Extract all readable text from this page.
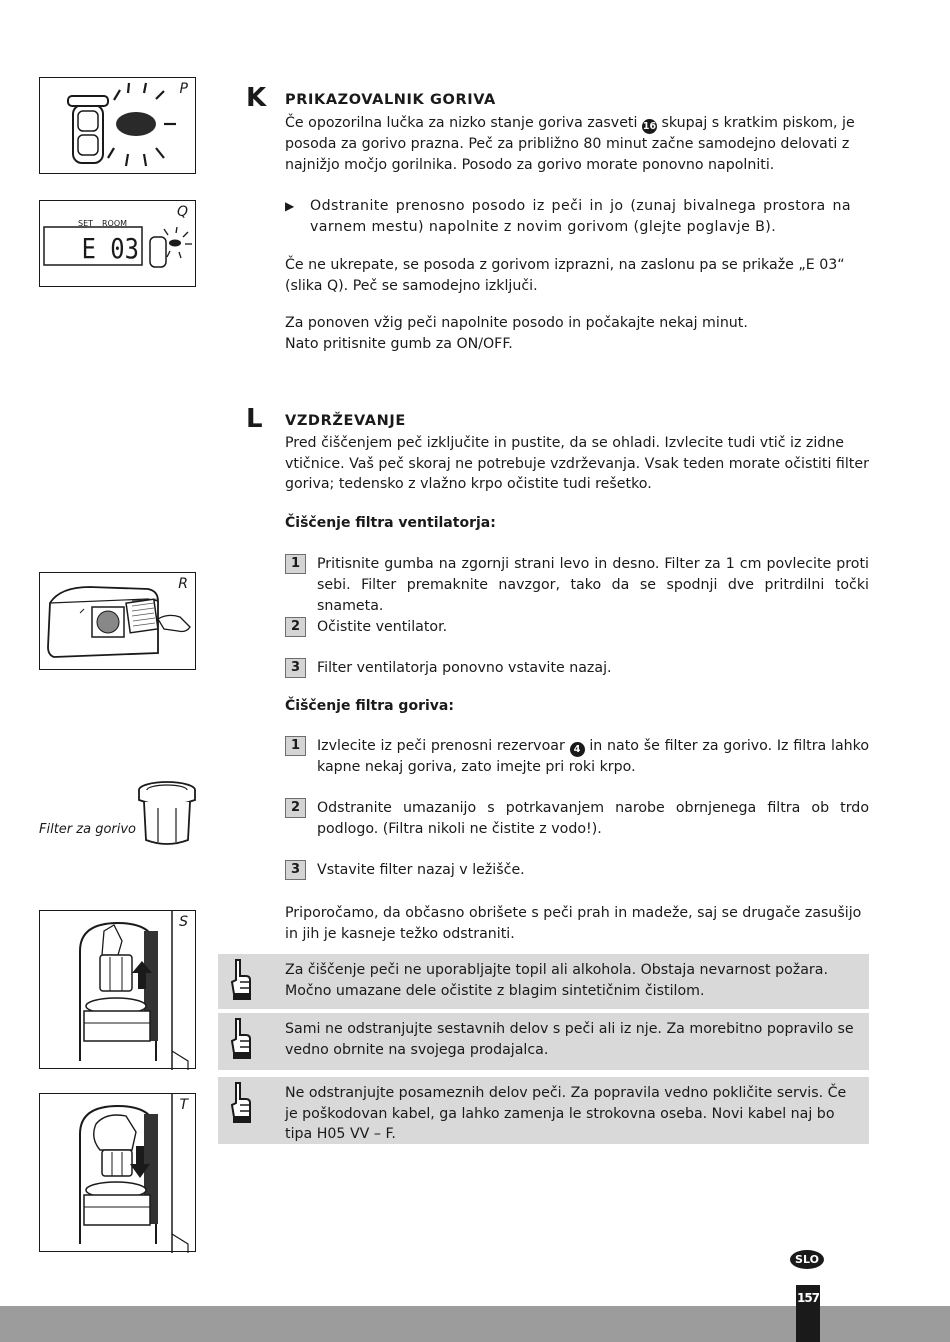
P
Q
SET ROOM
E 03
K PRIKAZOVALNIK GORIVA
Če opozorilna lučka za nizko stanje goriva zasveti 16 skupaj s kratkim piskom, je posoda za gorivo prazna. Peč za približno 80 minut začne samodejno delovati z najnižjo močjo gorilnika. Posodo za gorivo morate ponovno napolniti.
▶ Odstranite prenosno posodo iz peči in jo (zunaj bivalnega prostora na varnem mestu) napolnite z novim gorivom (glejte poglavje B).
Če ne ukrepate, se posoda z gorivom izprazni, na zaslonu pa se prikaže „E 03“ (slika Q). Peč se samodejno izključi.
Za ponoven vžig peči napolnite posodo in počakajte nekaj minut.
Nato pritisnite gumb za ON/OFF.
L VZDRŽEVANJE
Pred čiščenjem peč izklјučite in pustite, da se ohladi. Izvlecite tudi vtič iz zidne vtičnice. Vaš peč skoraj ne potrebuje vzdrževanja. Vsak teden morate očistiti filter goriva; tedensko z vlažno krpo očistite tudi rešetko.
Čiščenje filtra ventilatorja:
1	Pritisnite gumba na zgornji strani levo in desno. Filter za 1 cm povlecite proti sebi. Filter premaknite navzgor, tako da se spodnji dve pritrdilni točki snameta.
2	Očistite ventilator.
3	Filter ventilatorja ponovno vstavite nazaj.
Čiščenje filtra goriva:
1	Izvlecite iz peči prenosni rezervoar 4 in nato še filter za gorivo. Iz filtra lahko kapne nekaj goriva, zato imejte pri roki krpo.
2	Odstranite umazanijo s potrkavanjem narobe obrnjenega filtra ob trdo podlogo. (Filtra nikoli ne čistite z vodo!).
3	Vstavite filter nazaj v ležišče.
Priporočamo, da občasno obrišete s peči prah in madeže, saj se drugače zasušijo in jih je kasneje težko odstraniti.
Za čiščenje peči ne uporabljajte topil ali alkohola. Obstaja nevarnost požara. Močno umazane dele očistite z blagim sintetičnim čistilom.
Sami ne odstranjujte sestavnih delov s peči ali iz nje. Za morebitno popravilo se vedno obrnite na svojega prodajalca.
Ne odstranjujte posameznih delov peči. Za popravila vedno pokličite servis. Če je poškodovan kabel, ga lahko zamenja le strokovna oseba. Novi kabel naj bo tipa H05 VV – F.
R
Filter za gorivo
S
T
SLO
157
